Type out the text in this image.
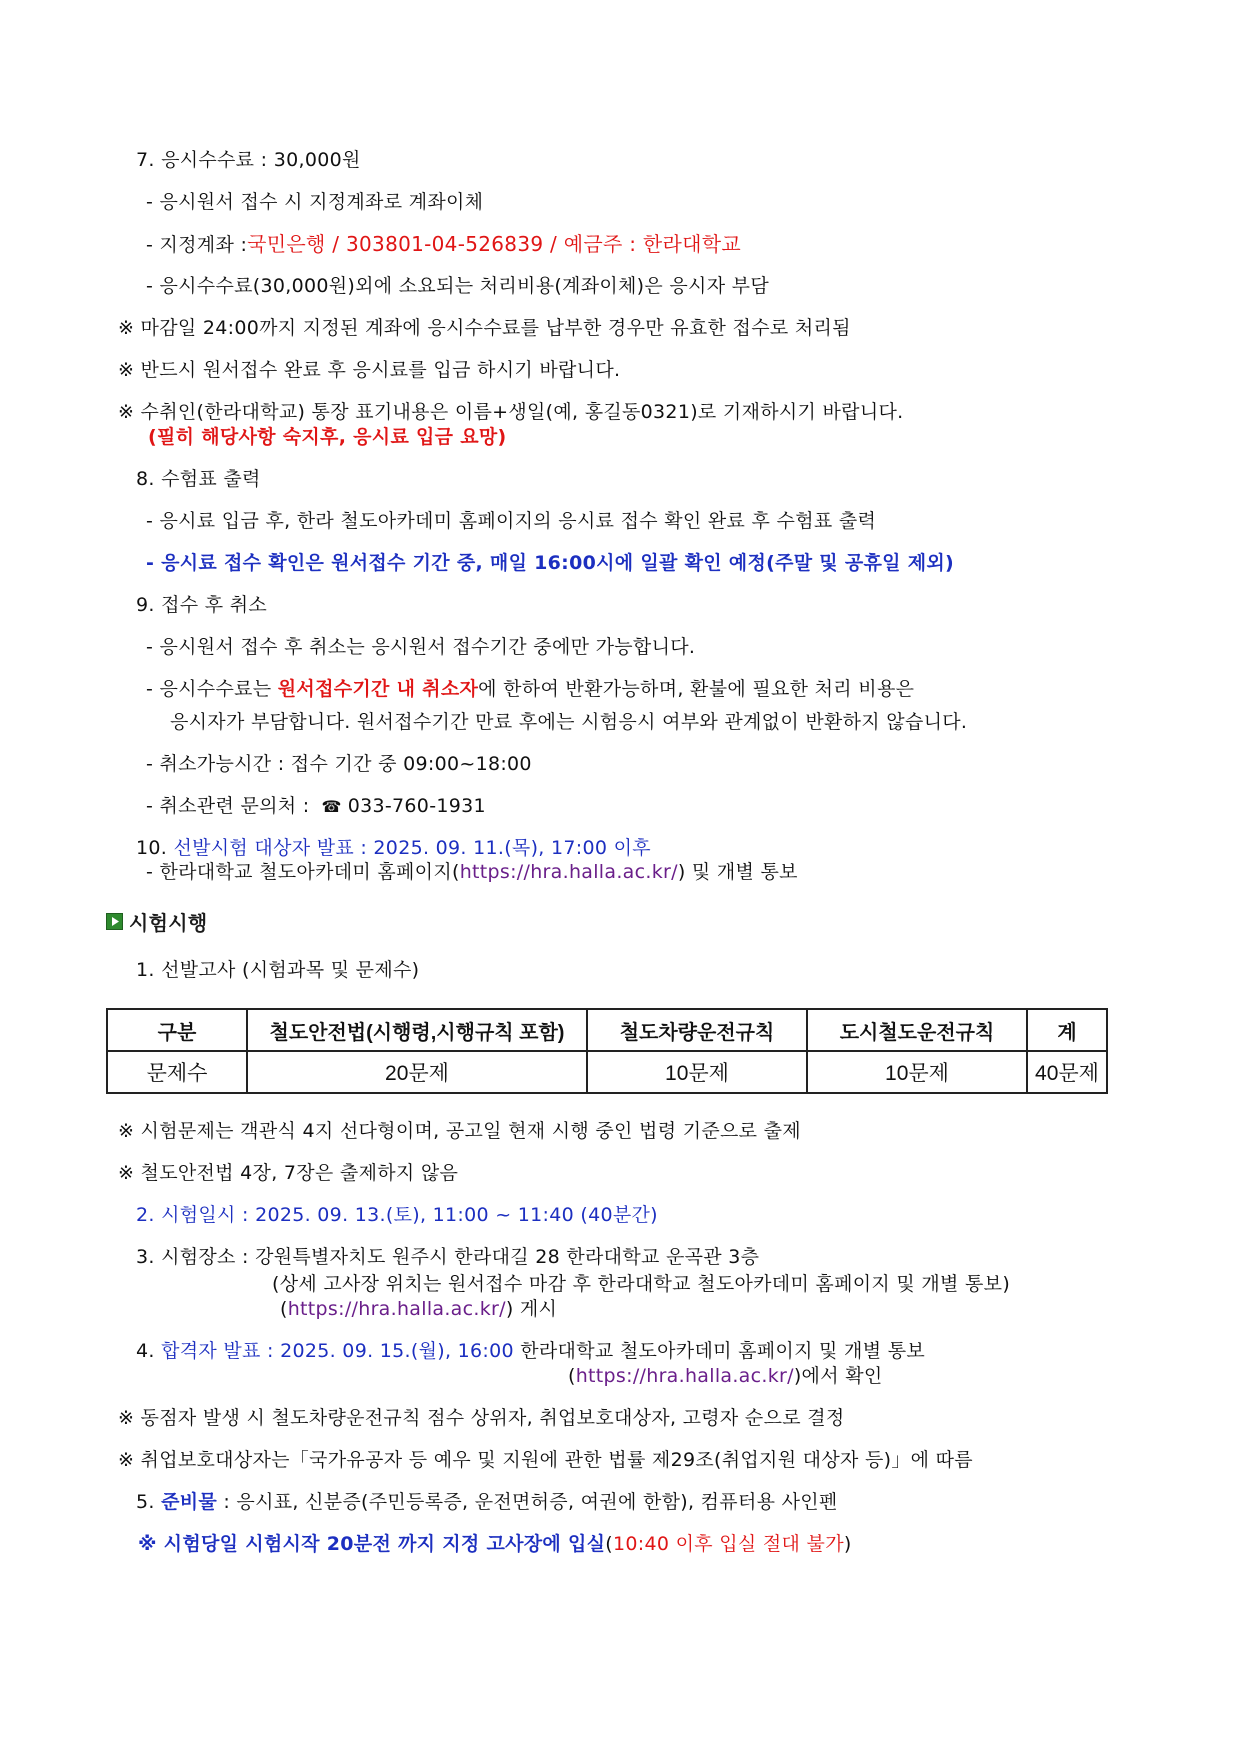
7. 응시수수료 : 30,000원
- 응시원서 접수 시 지정계좌로 계좌이체
- 지정계좌 :국민은행 / 303801-04-526839 / 예금주 : 한라대학교
- 응시수수료(30,000원)외에 소요되는 처리비용(계좌이체)은 응시자 부담
※ 마감일 24:00까지 지정된 계좌에 응시수수료를 납부한 경우만 유효한 접수로 처리됨
※ 반드시 원서접수 완료 후 응시료를 입금 하시기 바랍니다.
※ 수취인(한라대학교) 통장 표기내용은 이름+생일(예, 홍길동0321)로 기재하시기 바랍니다.
(필히 해당사항 숙지후, 응시료 입금 요망)
8. 수험표 출력
- 응시료 입금 후, 한라 철도아카데미 홈페이지의 응시료 접수 확인 완료 후 수험표 출력
- 응시료 접수 확인은 원서접수 기간 중, 매일 16:00시에 일괄 확인 예정(주말 및 공휴일 제외)
9. 접수 후 취소
- 응시원서 접수 후 취소는 응시원서 접수기간 중에만 가능합니다.
- 응시수수료는 원서접수기간 내 취소자에 한하여 반환가능하며, 환불에 필요한 처리 비용은
응시자가 부담합니다. 원서접수기간 만료 후에는 시험응시 여부와 관계없이 반환하지 않습니다.
- 취소가능시간 : 접수 기간 중 09:00~18:00
- 취소관련 문의처 : ☎ 033-760-1931
10. 선발시험 대상자 발표 : 2025. 09. 11.(목), 17:00 이후
- 한라대학교 철도아카데미 홈페이지(https://hra.halla.ac.kr/) 및 개별 통보
시험시행
1. 선발고사 (시험과목 및 문제수)
구분	철도안전법(시행령,시행규칙 포함)	철도차량운전규칙	도시철도운전규칙	계
문제수	20문제	10문제	10문제	40문제
※ 시험문제는 객관식 4지 선다형이며, 공고일 현재 시행 중인 법령 기준으로 출제
※ 철도안전법 4장, 7장은 출제하지 않음
2. 시험일시 : 2025. 09. 13.(토), 11:00 ~ 11:40 (40분간)
3. 시험장소 : 강원특별자치도 원주시 한라대길 28 한라대학교 운곡관 3층
(상세 고사장 위치는 원서접수 마감 후 한라대학교 철도아카데미 홈페이지 및 개별 통보)
(https://hra.halla.ac.kr/) 게시
4. 합격자 발표 : 2025. 09. 15.(월), 16:00 한라대학교 철도아카데미 홈페이지 및 개별 통보
(https://hra.halla.ac.kr/)에서 확인
※ 동점자 발생 시 철도차량운전규칙 점수 상위자, 취업보호대상자, 고령자 순으로 결정
※ 취업보호대상자는「국가유공자 등 예우 및 지원에 관한 법률 제29조(취업지원 대상자 등)」에 따름
5. 준비물 : 응시표, 신분증(주민등록증, 운전면허증, 여권에 한함), 컴퓨터용 사인펜
※ 시험당일 시험시작 20분전 까지 지정 고사장에 입실(10:40 이후 입실 절대 불가)
